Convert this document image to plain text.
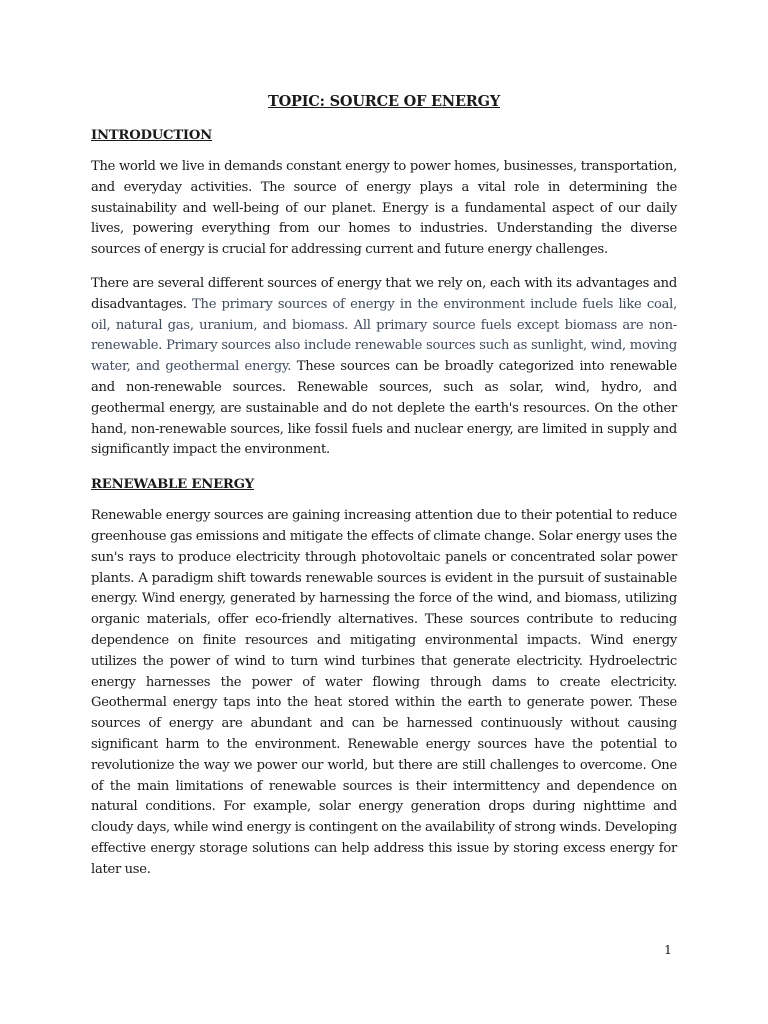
TOPIC: SOURCE OF ENERGY
INTRODUCTION

The world we live in demands constant energy to power homes, businesses, transportation, and everyday activities. The source of energy plays a vital role in determining the sustainability and well-being of our planet. Energy is a fundamental aspect of our daily lives, powering everything from our homes to industries. Understanding the diverse sources of energy is crucial for addressing current and future energy challenges.

There are several different sources of energy that we rely on, each with its advantages and disadvantages. The primary sources of energy in the environment include fuels like coal, oil, natural gas, uranium, and biomass. All primary source fuels except biomass are non-renewable. Primary sources also include renewable sources such as sunlight, wind, moving water, and geothermal energy. These sources can be broadly categorized into renewable and non-renewable sources. Renewable sources, such as solar, wind, hydro, and geothermal energy, are sustainable and do not deplete the earth's resources. On the other hand, non-renewable sources, like fossil fuels and nuclear energy, are limited in supply and significantly impact the environment.

RENEWABLE ENERGY

Renewable energy sources are gaining increasing attention due to their potential to reduce greenhouse gas emissions and mitigate the effects of climate change. Solar energy uses the sun's rays to produce electricity through photovoltaic panels or concentrated solar power plants. A paradigm shift towards renewable sources is evident in the pursuit of sustainable energy. Wind energy, generated by harnessing the force of the wind, and biomass, utilizing organic materials, offer eco-friendly alternatives. These sources contribute to reducing dependence on finite resources and mitigating environmental impacts. Wind energy utilizes the power of wind to turn wind turbines that generate electricity. Hydroelectric energy harnesses the power of water flowing through dams to create electricity. Geothermal energy taps into the heat stored within the earth to generate power. These sources of energy are abundant and can be harnessed continuously without causing significant harm to the environment. Renewable energy sources have the potential to revolutionize the way we power our world, but there are still challenges to overcome. One of the main limitations of renewable sources is their intermittency and dependence on natural conditions. For example, solar energy generation drops during nighttime and cloudy days, while wind energy is contingent on the availability of strong winds. Developing effective energy storage solutions can help address this issue by storing excess energy for later use.

1
